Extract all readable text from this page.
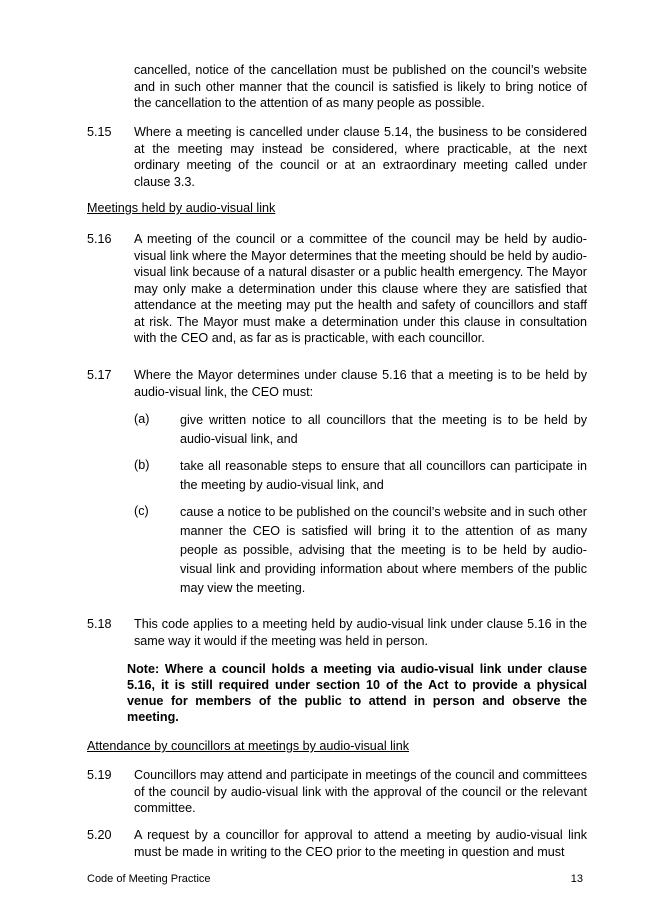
cancelled, notice of the cancellation must be published on the council’s website and in such other manner that the council is satisfied is likely to bring notice of the cancellation to the attention of as many people as possible.
5.15	Where a meeting is cancelled under clause 5.14, the business to be considered at the meeting may instead be considered, where practicable, at the next ordinary meeting of the council or at an extraordinary meeting called under clause 3.3.
Meetings held by audio-visual link
5.16	A meeting of the council or a committee of the council may be held by audio-visual link where the Mayor determines that the meeting should be held by audio-visual link because of a natural disaster or a public health emergency. The Mayor may only make a determination under this clause where they are satisfied that attendance at the meeting may put the health and safety of councillors and staff at risk. The Mayor must make a determination under this clause in consultation with the CEO and, as far as is practicable, with each councillor.
5.17	Where the Mayor determines under clause 5.16 that a meeting is to be held by audio-visual link, the CEO must:
(a)	give written notice to all councillors that the meeting is to be held by audio-visual link, and
(b)	take all reasonable steps to ensure that all councillors can participate in the meeting by audio-visual link, and
(c)	cause a notice to be published on the council’s website and in such other manner the CEO is satisfied will bring it to the attention of as many people as possible, advising that the meeting is to be held by audio-visual link and providing information about where members of the public may view the meeting.
5.18	This code applies to a meeting held by audio-visual link under clause 5.16 in the same way it would if the meeting was held in person.
Note: Where a council holds a meeting via audio-visual link under clause 5.16, it is still required under section 10 of the Act to provide a physical venue for members of the public to attend in person and observe the meeting.
Attendance by councillors at meetings by audio-visual link
5.19	Councillors may attend and participate in meetings of the council and committees of the council by audio-visual link with the approval of the council or the relevant committee.
5.20	A request by a councillor for approval to attend a meeting by audio-visual link must be made in writing to the CEO prior to the meeting in question and must
Code of Meeting Practice	13
